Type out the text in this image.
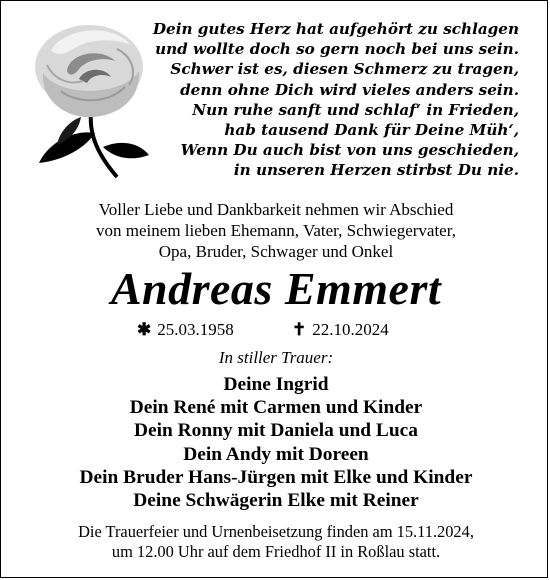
Dein gutes Herz hat aufgehört zu schlagen
und wolltе doch so gern noch bei uns sein.
Schwer ist es, diesen Schmerz zu tragen,
denn ohne Dich wird vieles anders sein.
Nun ruhe sanft und schlaf‘ in Frieden,
hab tausend Dank für Deine Müh‘,
Wenn Du auch bist von uns geschieden,
in unseren Herzen stirbst Du nie.
Voller Liebe und Dankbarkeit nehmen wir Abschied
von meinem lieben Ehemann, Vater, Schwiegervater,
Opa, Bruder, Schwager und Onkel
Andreas Emmert
✱ 25.03.1958	✝ 22.10.2024
In stiller Trauer:
Deine Ingrid
Dein René mit Carmen und Kinder
Dein Ronny mit Daniela und Luca
Dein Andy mit Doreen
Dein Bruder Hans-Jürgen mit Elke und Kinder
Deine Schwägerin Elke mit Reiner
Die Trauerfeier und Urnenbeisetzung finden am 15.11.2024,
um 12.00 Uhr auf dem Friedhof II in Roßlau statt.
